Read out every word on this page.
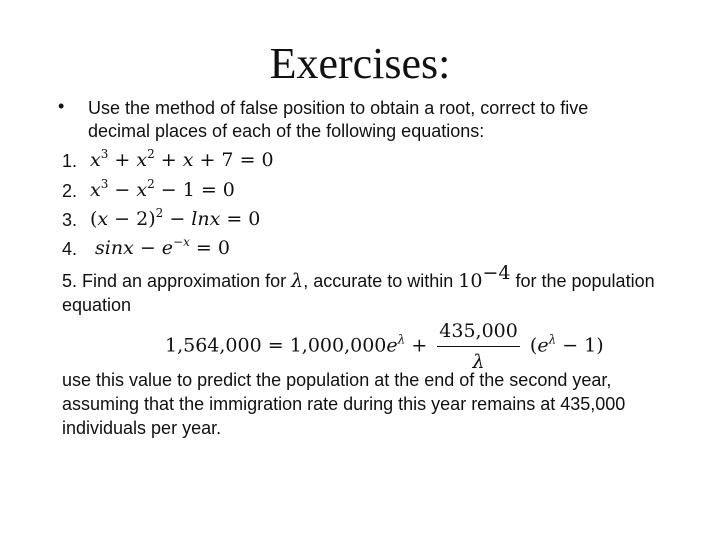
Exercises:
• Use the method of false position to obtain a root, correct to five
decimal places of each of the following equations:
1. $x^3 + x^2 + x + 7 = 0$
2. $x^3 - x^2 - 1 = 0$
3. $(x - 2)^2 - \ln x = 0$
4. $\sin x - e^{-x} = 0$
5. Find an approximation for λ, accurate to within $10^{-4}$ for the population
equation
$1,564,000 = 1,000,000e^\lambda + \frac{435,000}{\lambda} (e^\lambda - 1)$
use this value to predict the population at the end of the second year,
assuming that the immigration rate during this year remains at 435,000
individuals per year.
